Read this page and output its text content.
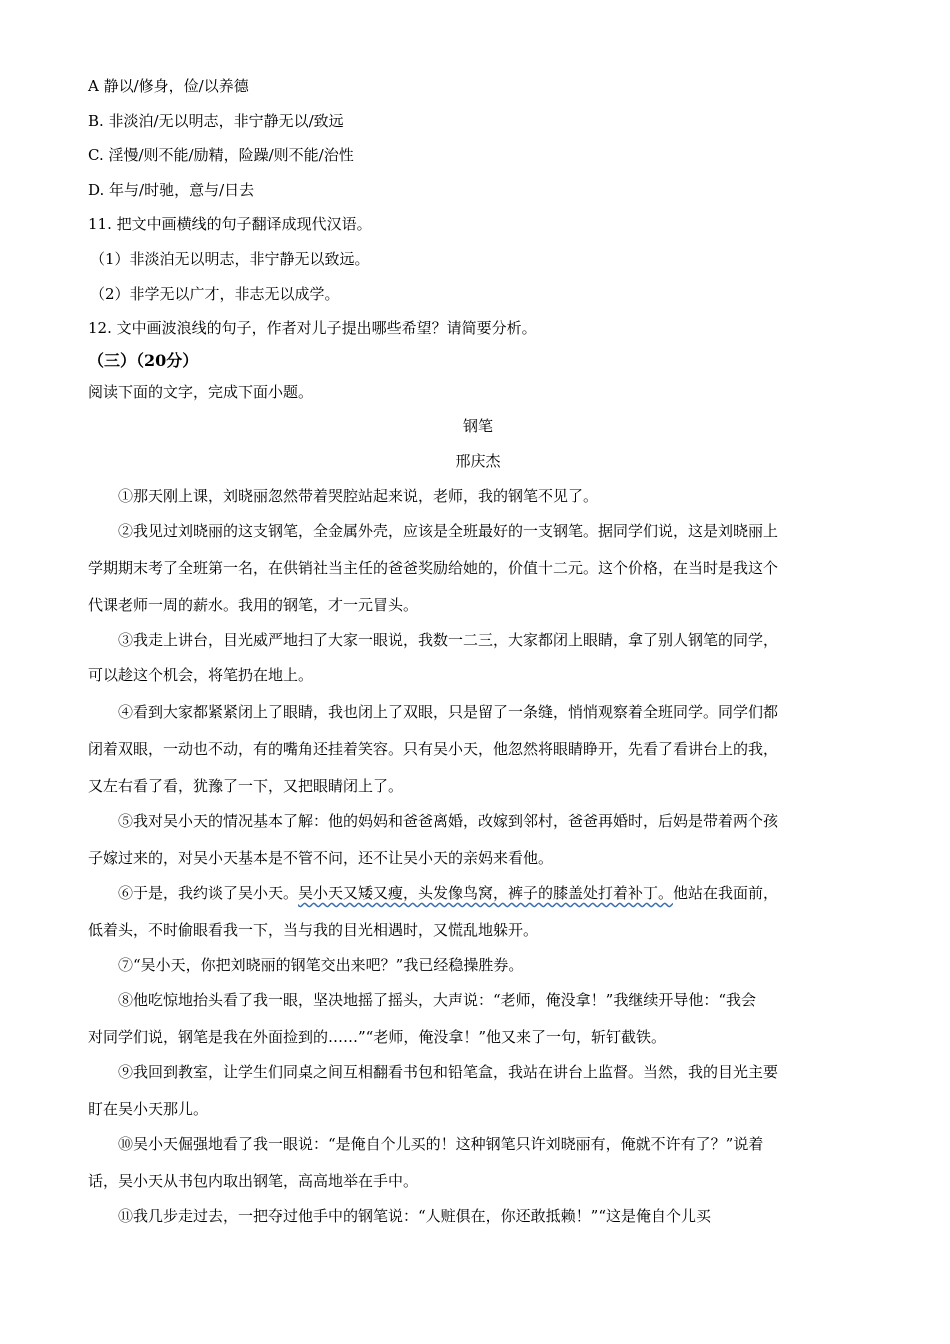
A 静以/修身，俭/以养德
B. 非淡泊/无以明志，非宁静无以/致远
C. 淫慢/则不能/励精，险躁/则不能/治性
D. 年与/时驰，意与/日去
11. 把文中画横线的句子翻译成现代汉语。
（1）非淡泊无以明志，非宁静无以致远。
（2）非学无以广才，非志无以成学。
12. 文中画波浪线的句子，作者对儿子提出哪些希望？请简要分析。
（三）（20分）
阅读下面的文字，完成下面小题。
钢笔
邢庆杰
①那天刚上课，刘晓丽忽然带着哭腔站起来说，老师，我的钢笔不见了。
②我见过刘晓丽的这支钢笔，全金属外壳，应该是全班最好的一支钢笔。据同学们说，这是刘晓丽上
学期期末考了全班第一名，在供销社当主任的爸爸奖励给她的，价值十二元。这个价格，在当时是我这个
代课老师一周的薪水。我用的钢笔，才一元冒头。
③我走上讲台，目光威严地扫了大家一眼说，我数一二三，大家都闭上眼睛，拿了别人钢笔的同学，
可以趁这个机会，将笔扔在地上。
④看到大家都紧紧闭上了眼睛，我也闭上了双眼，只是留了一条缝，悄悄观察着全班同学。同学们都
闭着双眼，一动也不动，有的嘴角还挂着笑容。只有吴小天，他忽然将眼睛睁开，先看了看讲台上的我，
又左右看了看，犹豫了一下，又把眼睛闭上了。
⑤我对吴小天的情况基本了解：他的妈妈和爸爸离婚，改嫁到邻村，爸爸再婚时，后妈是带着两个孩
子嫁过来的，对吴小天基本是不管不问，还不让吴小天的亲妈来看他。
⑥于是，我约谈了吴小天。吴小天又矮又瘦，头发像鸟窝，裤子的膝盖处打着补丁。他站在我面前，
低着头，不时偷眼看我一下，当与我的目光相遇时，又慌乱地躲开。
⑦“吴小天，你把刘晓丽的钢笔交出来吧？”我已经稳操胜券。
⑧他吃惊地抬头看了我一眼，坚决地摇了摇头，大声说：“老师，俺没拿！”我继续开导他：“我会
对同学们说，钢笔是我在外面捡到的……”“老师，俺没拿！”他又来了一句，斩钉截铁。
⑨我回到教室，让学生们同桌之间互相翻看书包和铅笔盒，我站在讲台上监督。当然，我的目光主要
盯在吴小天那儿。
⑩吴小天倔强地看了我一眼说：“是俺自个儿买的！这种钢笔只许刘晓丽有，俺就不许有了？”说着
话，吴小天从书包内取出钢笔，高高地举在手中。
⑪我几步走过去，一把夺过他手中的钢笔说：“人赃俱在，你还敢抵赖！”“这是俺自个儿买
